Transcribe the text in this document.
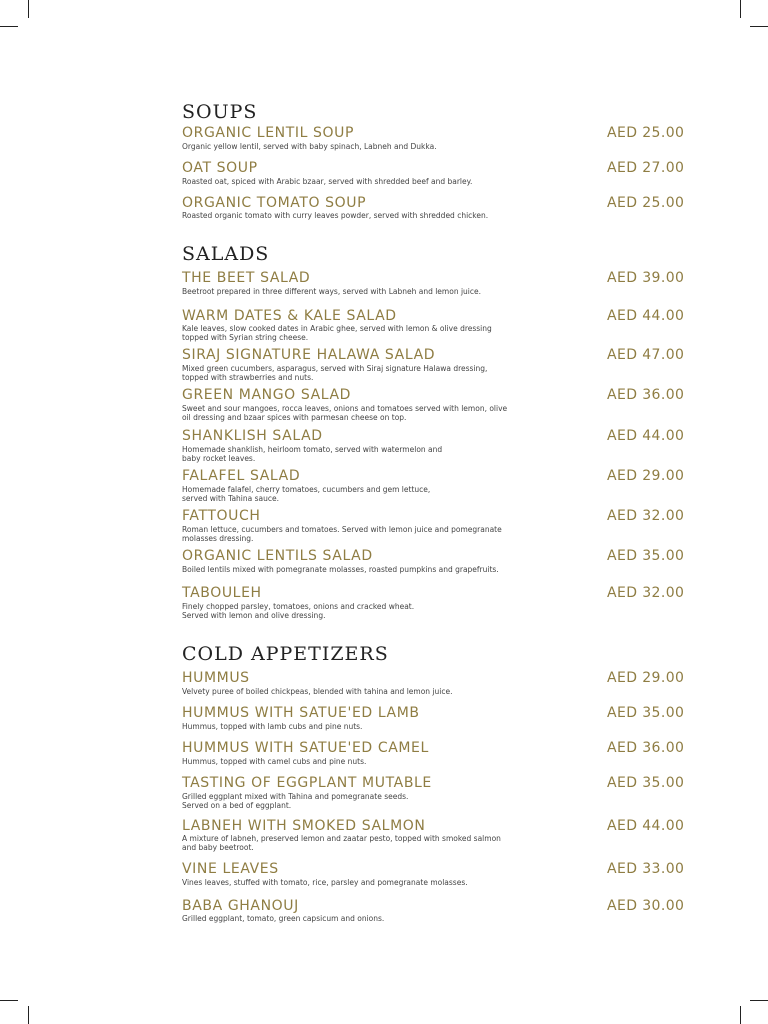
SOUPS
ORGANIC LENTIL SOUP	AED 25.00
Organic yellow lentil, served with baby spinach, Labneh and Dukka.
OAT SOUP	AED 27.00
Roasted oat, spiced with Arabic bzaar, served with shredded beef and barley.
ORGANIC TOMATO SOUP	AED 25.00
Roasted organic tomato with curry leaves powder, served with shredded chicken.
SALADS
THE BEET SALAD	AED 39.00
Beetroot prepared in three different ways, served with Labneh and lemon juice.
WARM DATES & KALE SALAD	AED 44.00
Kale leaves, slow cooked dates in Arabic ghee, served with lemon & olive dressing
topped with Syrian string cheese.
SIRAJ SIGNATURE HALAWA SALAD	AED 47.00
Mixed green cucumbers, asparagus, served with Siraj signature Halawa dressing,
topped with strawberries and nuts.
GREEN MANGO SALAD	AED 36.00
Sweet and sour mangoes, rocca leaves, onions and tomatoes served with lemon, olive
oil dressing and bzaar spices with parmesan cheese on top.
SHANKLISH SALAD	AED 44.00
Homemade shanklish, heirloom tomato, served with watermelon and
baby rocket leaves.
FALAFEL SALAD	AED 29.00
Homemade falafel, cherry tomatoes, cucumbers and gem lettuce,
served with Tahina sauce.
FATTOUCH	AED 32.00
Roman lettuce, cucumbers and tomatoes. Served with lemon juice and pomegranate
molasses dressing.
ORGANIC LENTILS SALAD	AED 35.00
Boiled lentils mixed with pomegranate molasses, roasted pumpkins and grapefruits.
TABOULEH	AED 32.00
Finely chopped parsley, tomatoes, onions and cracked wheat.
Served with lemon and olive dressing.
COLD APPETIZERS
HUMMUS	AED 29.00
Velvety puree of boiled chickpeas, blended with tahina and lemon juice.
HUMMUS WITH SATUE'ED LAMB	AED 35.00
Hummus, topped with lamb cubs and pine nuts.
HUMMUS WITH SATUE'ED CAMEL	AED 36.00
Hummus, topped with camel cubs and pine nuts.
TASTING OF EGGPLANT MUTABLE	AED 35.00
Grilled eggplant mixed with Tahina and pomegranate seeds.
Served on a bed of eggplant.
LABNEH WITH SMOKED SALMON	AED 44.00
A mixture of labneh, preserved lemon and zaatar pesto, topped with smoked salmon
and baby beetroot.
VINE LEAVES	AED 33.00
Vines leaves, stuffed with tomato, rice, parsley and pomegranate molasses.
BABA GHANOUJ	AED 30.00
Grilled eggplant, tomato, green capsicum and onions.
